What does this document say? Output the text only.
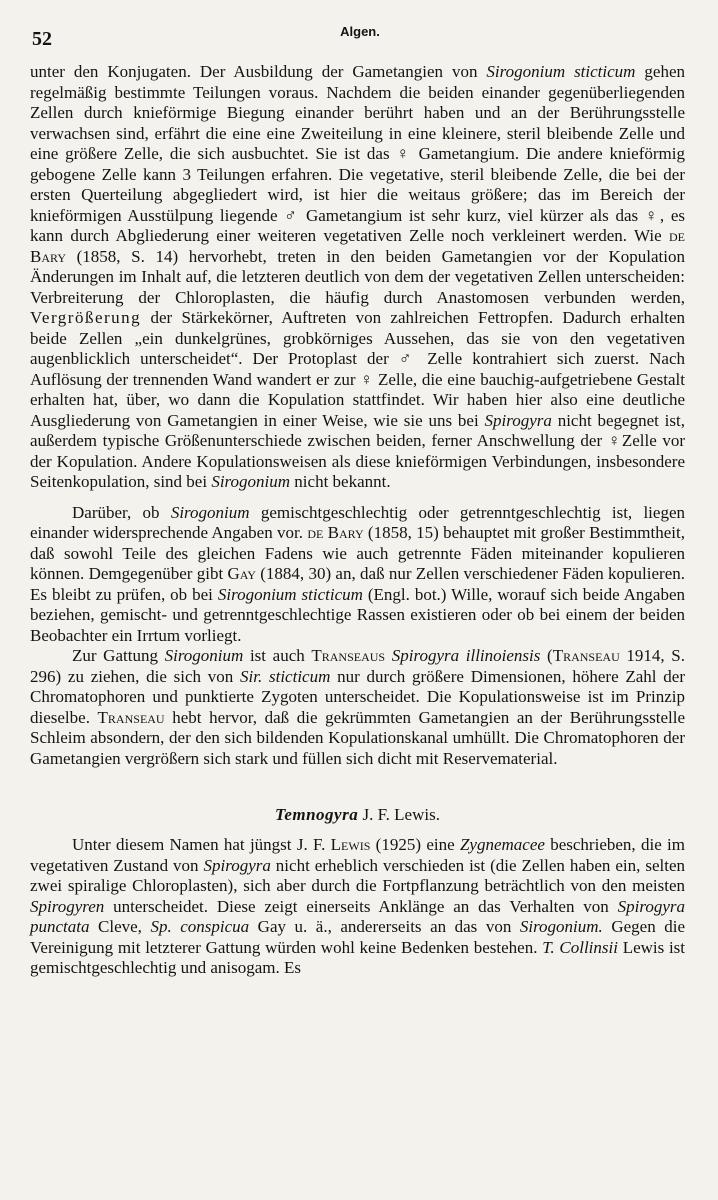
52	Algen.

unter den Konjugaten. Der Ausbildung der Gametangien von Sirogonium sticticum gehen regelmäßig bestimmte Teilungen voraus. Nachdem die beiden einander gegenüberliegenden Zellen durch knieförmige Biegung einander berührt haben und an der Berührungsstelle verwachsen sind, erfährt die eine eine Zweiteilung in eine kleinere, steril bleibende Zelle und eine größere Zelle, die sich ausbuchtet. Sie ist das ♀ Gametangium. Die andere knieförmig gebogene Zelle kann 3 Teilungen erfahren. Die vegetative, steril bleibende Zelle, die bei der ersten Querteilung abgegliedert wird, ist hier die weitaus größere; das im Bereich der knieförmigen Ausstülpung liegende ♂ Gametangium ist sehr kurz, viel kürzer als das ♀, es kann durch Abgliederung einer weiteren vegetativen Zelle noch verkleinert werden. Wie de Bary (1858, S. 14) hervorhebt, treten in den beiden Gametangien vor der Kopulation Änderungen im Inhalt auf, die letzteren deutlich von dem der vegetativen Zellen unterscheiden: Verbreiterung der Chloroplasten, die häufig durch Anastomosen verbunden werden, Vergrößerung der Stärkekörner, Auftreten von zahlreichen Fettropfen. Dadurch erhalten beide Zellen „ein dunkelgrünes, grobkörniges Aussehen, das sie von den vegetativen augenblicklich unterscheidet“. Der Protoplast der ♂ Zelle kontrahiert sich zuerst. Nach Auflösung der trennenden Wand wandert er zur ♀ Zelle, die eine bauchig-aufgetriebene Gestalt erhalten hat, über, wo dann die Kopulation stattfindet. Wir haben hier also eine deutliche Ausgliederung von Gametangien in einer Weise, wie sie uns bei Spirogyra nicht begegnet ist, außerdem typische Größenunterschiede zwischen beiden, ferner Anschwellung der ♀Zelle vor der Kopulation. Andere Kopulationsweisen als diese knieförmigen Verbindungen, insbesondere Seitenkopulation, sind bei Sirogonium nicht bekannt.

Darüber, ob Sirogonium gemischtgeschlechtig oder getrenntgeschlechtig ist, liegen einander widersprechende Angaben vor. de Bary (1858, 15) behauptet mit großer Bestimmtheit, daß sowohl Teile des gleichen Fadens wie auch getrennte Fäden miteinander kopulieren können. Demgegenüber gibt Gay (1884, 30) an, daß nur Zellen verschiedener Fäden kopulieren. Es bleibt zu prüfen, ob bei Sirogonium sticticum (Engl. bot.) Wille, worauf sich beide Angaben beziehen, gemischt- und getrenntgeschlechtige Rassen existieren oder ob bei einem der beiden Beobachter ein Irrtum vorliegt.

Zur Gattung Sirogonium ist auch Transeaus Spirogyra illinoiensis (Transeau 1914, S. 296) zu ziehen, die sich von Sir. sticticum nur durch größere Dimensionen, höhere Zahl der Chromatophoren und punktierte Zygoten unterscheidet. Die Kopulationsweise ist im Prinzip dieselbe. Transeau hebt hervor, daß die gekrümmten Gametangien an der Berührungsstelle Schleim absondern, der den sich bildenden Kopulationskanal umhüllt. Die Chromatophoren der Gametangien vergrößern sich stark und füllen sich dicht mit Reservematerial.

Temnogyra J. F. Lewis.

Unter diesem Namen hat jüngst J. F. Lewis (1925) eine Zygnemacee beschrieben, die im vegetativen Zustand von Spirogyra nicht erheblich verschieden ist (die Zellen haben ein, selten zwei spiralige Chloroplasten), sich aber durch die Fortpflanzung beträchtlich von den meisten Spirogyren unterscheidet. Diese zeigt einerseits Anklänge an das Verhalten von Spirogyra punctata Cleve, Sp. conspicua Gay u. ä., andererseits an das von Sirogonium. Gegen die Vereinigung mit letzterer Gattung würden wohl keine Bedenken bestehen. T. Collinsii Lewis ist gemischtgeschlechtig und anisogam. Es
